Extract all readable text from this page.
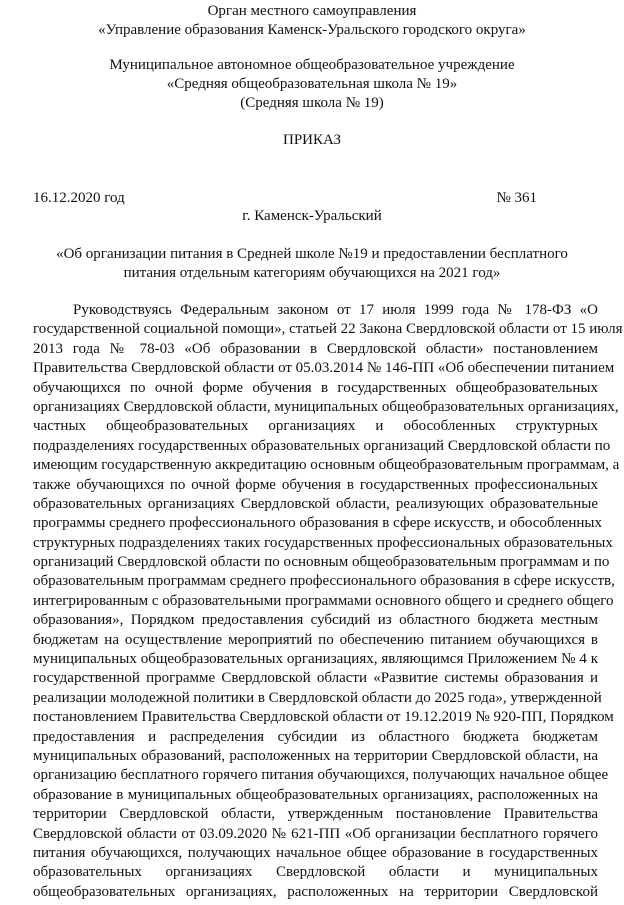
Орган местного самоуправления
«Управление образования Каменск-Уральского городского округа»
Муниципальное автономное общеобразовательное учреждение
«Средняя общеобразовательная школа № 19»
(Средняя школа № 19)
ПРИКАЗ
16.12.2020 год	№ 361
г. Каменск-Уральский
«Об организации питания в Средней школе №19 и предоставлении бесплатного
питания отдельным категориям обучающихся на 2021 год»
Руководствуясь Федеральным законом от 17 июля 1999 года № 178-ФЗ «О
государственной социальной помощи», статьей 22 Закона Свердловской области от 15 июля
2013 года № 78-03 «Об образовании в Свердловской области» постановлением
Правительства Свердловской области от 05.03.2014 № 146-ПП «Об обеспечении питанием
обучающихся по очной форме обучения в государственных общеобразовательных
организациях Свердловской области, муниципальных общеобразовательных организациях,
частных общеобразовательных организациях и обособленных структурных
подразделениях государственных образовательных организаций Свердловской области по
имеющим государственную аккредитацию основным общеобразовательным программам, а
также обучающихся по очной форме обучения в государственных профессиональных
образовательных организациях Свердловской области, реализующих образовательные
программы среднего профессионального образования в сфере искусств, и обособленных
структурных подразделениях таких государственных профессиональных образовательных
организаций Свердловской области по основным общеобразовательным программам и по
образовательным программам среднего профессионального образования в сфере искусств,
интегрированным с образовательными программами основного общего и среднего общего
образования», Порядком предоставления субсидий из областного бюджета местным
бюджетам на осуществление мероприятий по обеспечению питанием обучающихся в
муниципальных общеобразовательных организациях, являющимся Приложением № 4 к
государственной программе Свердловской области «Развитие системы образования и
реализации молодежной политики в Свердловской области до 2025 года», утвержденной
постановлением Правительства Свердловской области от 19.12.2019 № 920-ПП, Порядком
предоставления и распределения субсидии из областного бюджета бюджетам
муниципальных образований, расположенных на территории Свердловской области, на
организацию бесплатного горячего питания обучающихся, получающих начальное общее
образование в муниципальных общеобразовательных организациях, расположенных на
территории Свердловской области, утвержденным постановление Правительства
Свердловской области от 03.09.2020 № 621-ПП «Об организации бесплатного горячего
питания обучающихся, получающих начальное общее образование в государственных
образовательных организациях Свердловской области и муниципальных
общеобразовательных организациях, расположенных на территории Свердловской
